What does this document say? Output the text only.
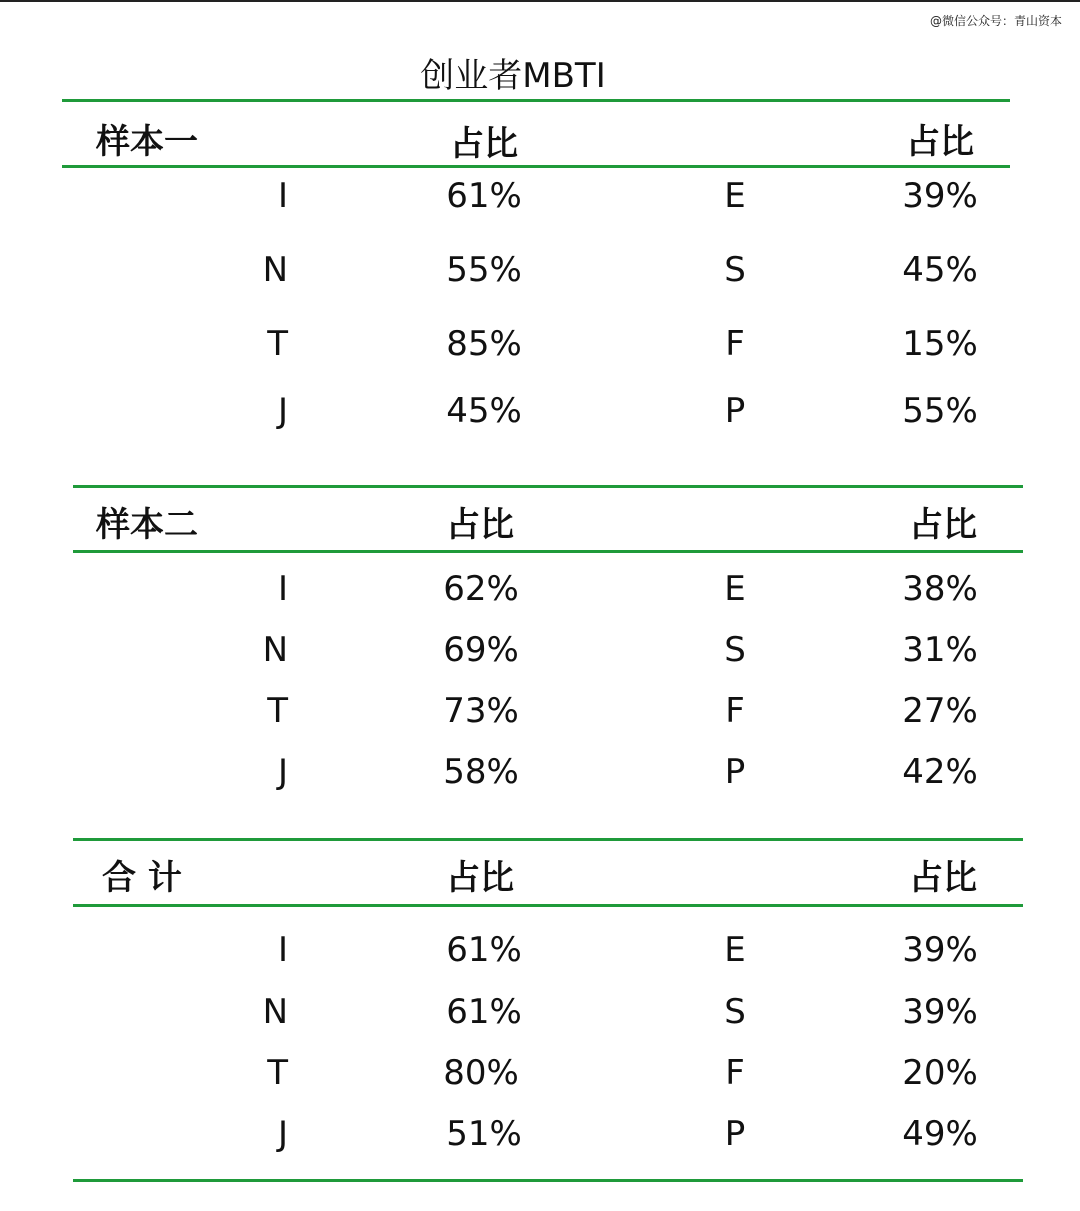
@微信公众号：青山资本
创业者MBTI
样本一	占比	占比
I	61%	E	39%
N	55%	S	45%
T	85%	F	15%
J	45%	P	55%
样本二	占比	占比
I	62%	E	38%
N	69%	S	31%
T	73%	F	27%
J	58%	P	42%
合 计	占比	占比
I	61%	E	39%
N	61%	S	39%
T	80%	F	20%
J	51%	P	49%
